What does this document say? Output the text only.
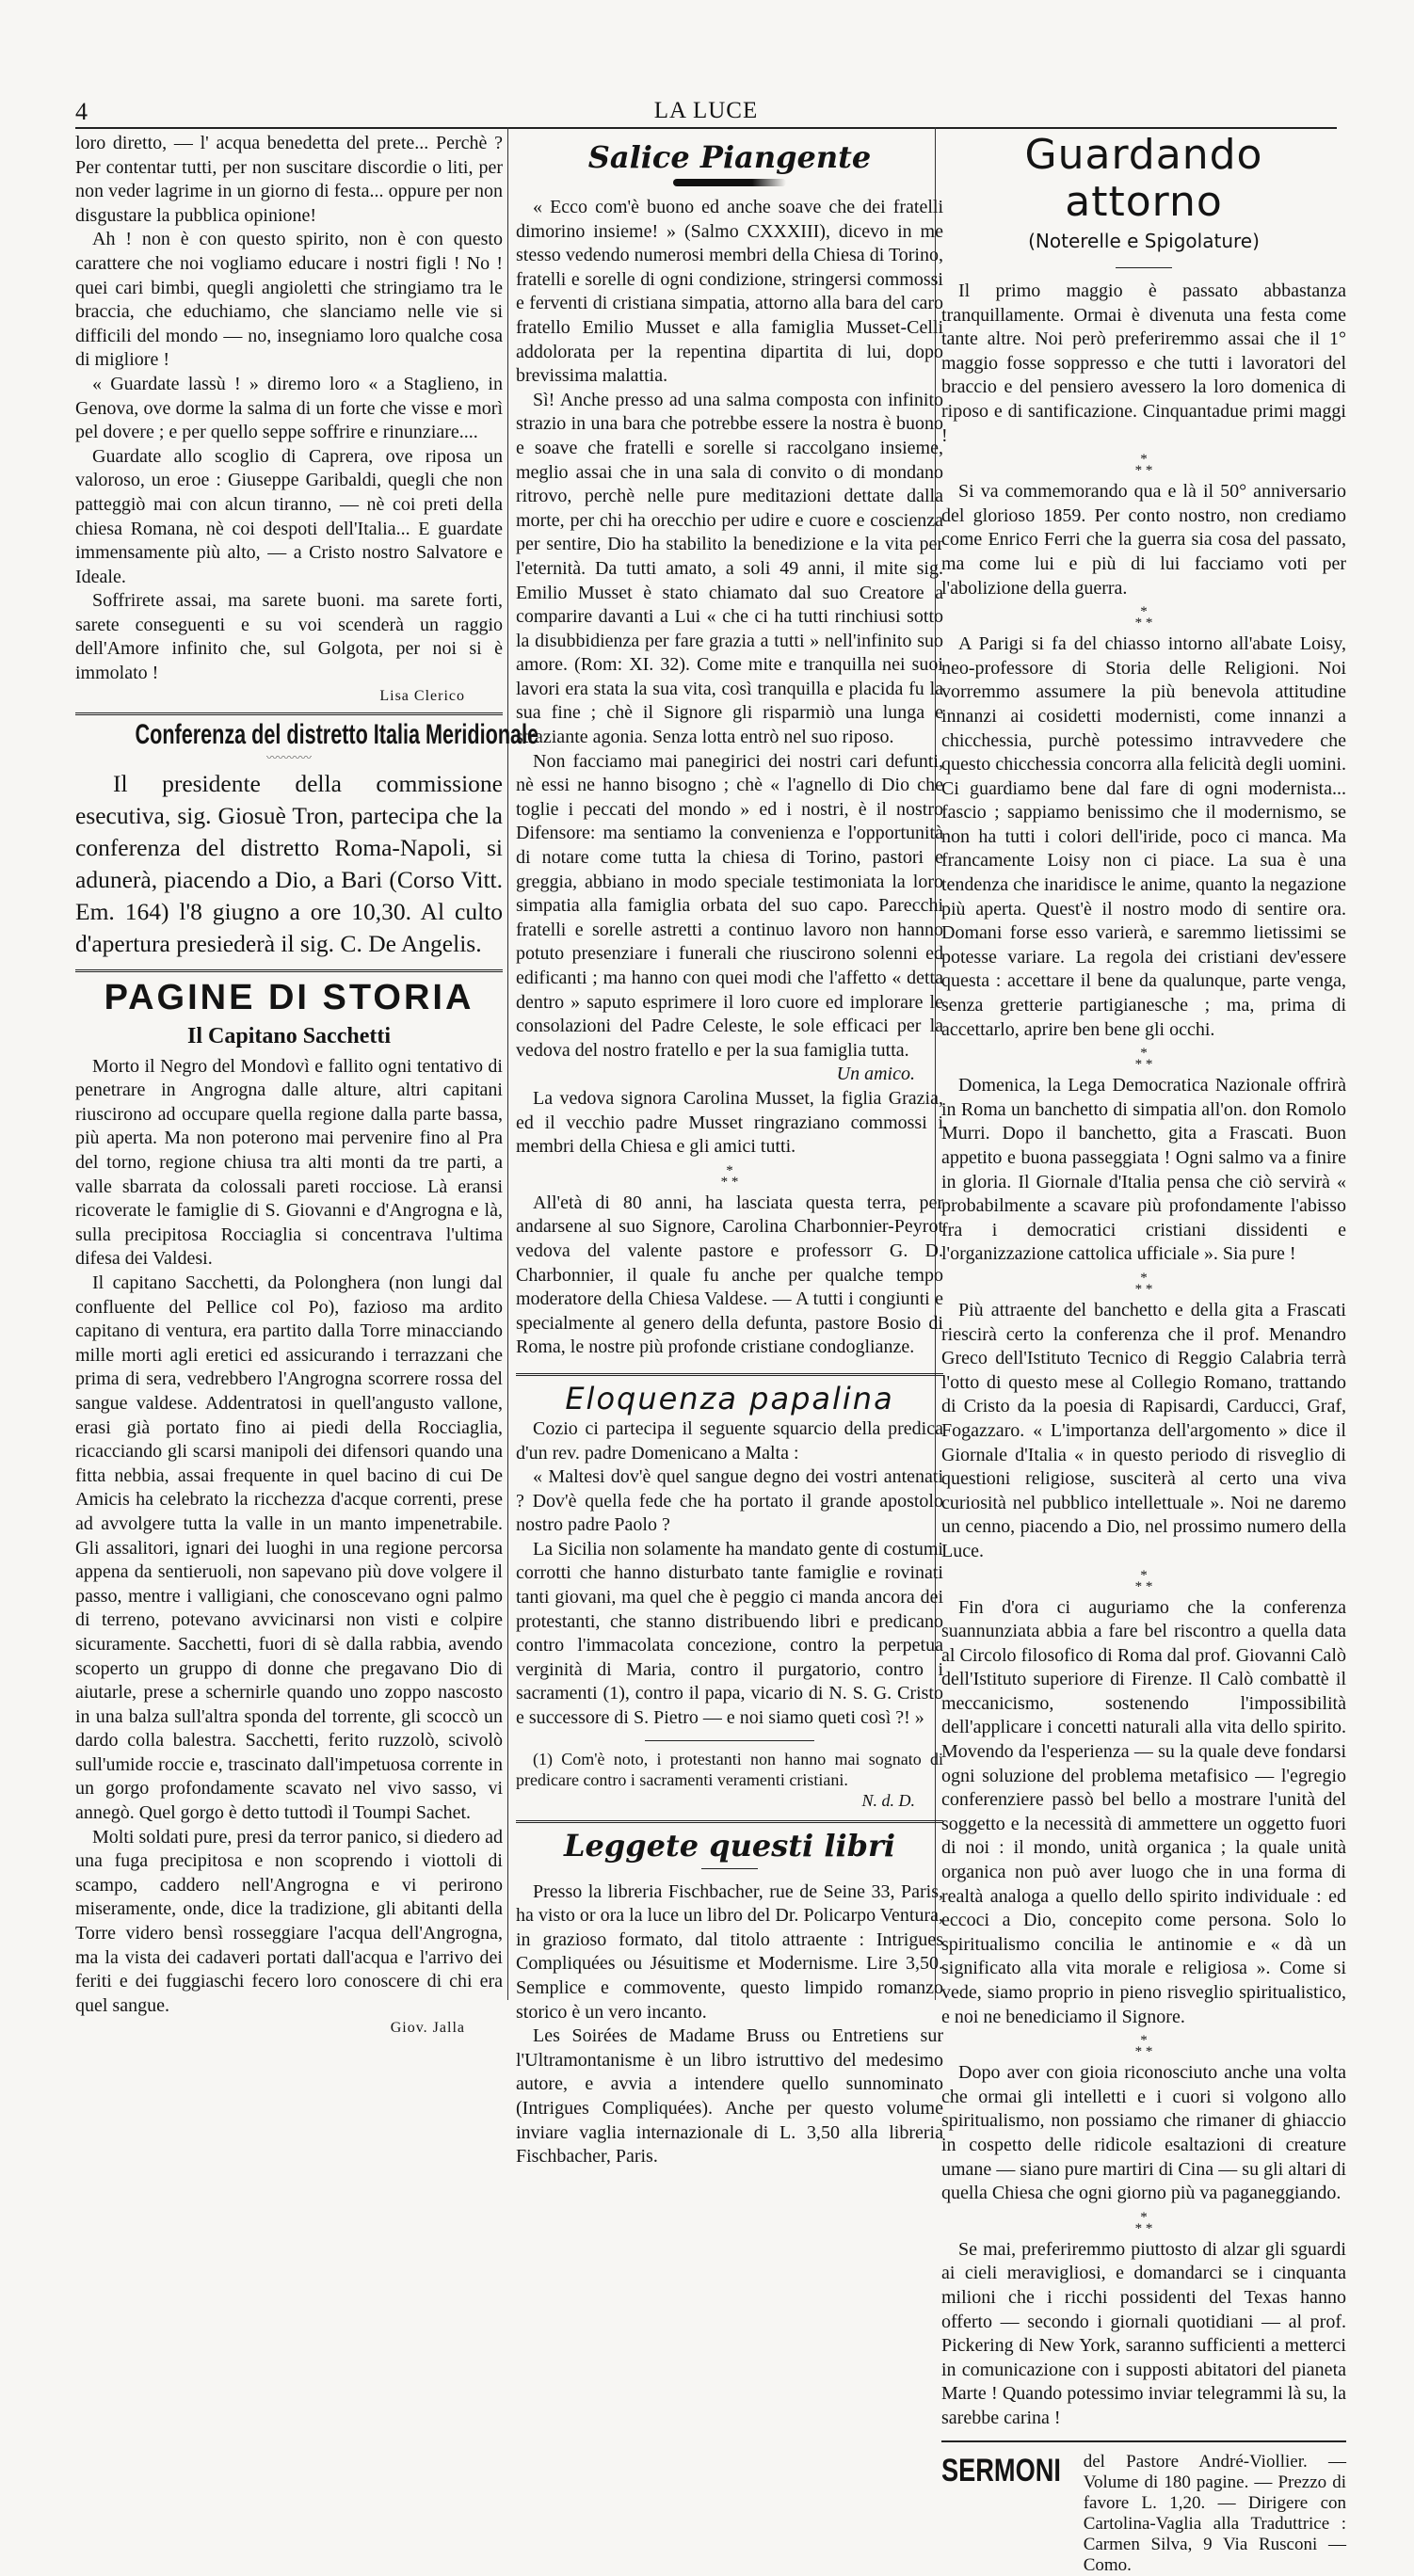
4	LA LUCE

loro diretto, — l' acqua benedetta del prete... Perchè ? Per contentar tutti, per non suscitare discordie o liti, per non veder lagrime in un giorno di festa... oppure per non disgustare la pubblica opinione!

Ah ! non è con questo spirito, non è con questo carattere che noi vogliamo educare i nostri figli ! No ! quei cari bimbi, quegli angioletti che stringiamo tra le braccia, che educhiamo, che slanciamo nelle vie si difficili del mondo — no, insegniamo loro qualche cosa di migliore !

« Guardate lassù ! » diremo loro « a Staglieno, in Genova, ove dorme la salma di un forte che visse e morì pel dovere ; e per quello seppe soffrire e rinunziare....

Guardate allo scoglio di Caprera, ove riposa un valoroso, un eroe : Giuseppe Garibaldi, quegli che non patteggiò mai con alcun tiranno, — nè coi preti della chiesa Romana, nè coi despoti dell'Italia... E guardate immensamente più alto, — a Cristo nostro Salvatore e Ideale.

Soffrirete assai, ma sarete buoni. ma sarete forti, sarete conseguenti e su voi scenderà un raggio dell'Amore infinito che, sul Golgota, per noi si è immolato !

Lisa Clerico
Conferenza del distretto Italia Meridionale
〰〰〰〰

Il presidente della commissione esecutiva, sig. Giosuè Tron, partecipa che la conferenza del distretto Roma-Napoli, si adunerà, piacendo a Dio, a Bari (Corso Vitt. Em. 164) l'8 giugno a ore 10,30. Al culto d'apertura presiederà il sig. C. De Angelis.

PAGINE DI STORIA
Il Capitano Sacchetti

Morto il Negro del Mondovì e fallito ogni tentativo di penetrare in Angrogna dalle alture, altri capitani riuscirono ad occupare quella regione dalla parte bassa, più aperta. Ma non poterono mai pervenire fino al Pra del torno, regione chiusa tra alti monti da tre parti, a valle sbarrata da colossali pareti rocciose. Là eransi ricoverate le famiglie di S. Giovanni e d'Angrogna e là, sulla precipitosa Rocciaglia si concentrava l'ultima difesa dei Valdesi.

Il capitano Sacchetti, da Polonghera (non lungi dal confluente del Pellice col Po), fazioso ma ardito capitano di ventura, era partito dalla Torre minacciando mille morti agli eretici ed assicurando i terrazzani che prima di sera, vedrebbero l'Angrogna scorrere rossa del sangue valdese. Addentratosi in quell'angusto vallone, erasi già portato fino ai piedi della Rocciaglia, ricacciando gli scarsi manipoli dei difensori quando una fitta nebbia, assai frequente in quel bacino di cui De Amicis ha celebrato la ricchezza d'acque correnti, prese ad avvolgere tutta la valle in un manto impenetrabile. Gli assalitori, ignari dei luoghi in una regione percorsa appena da sentieruoli, non sapevano più dove volgere il passo, mentre i valligiani, che conoscevano ogni palmo di terreno, potevano avvicinarsi non visti e colpire sicuramente. Sacchetti, fuori di sè dalla rabbia, avendo scoperto un gruppo di donne che pregavano Dio di aiutarle, prese a schernirle quando uno zoppo nascosto in una balza sull'altra sponda del torrente, gli scoccò un dardo colla balestra. Sacchetti, ferito ruzzolò, scivolò sull'umide roccie e, trascinato dall'impetuosa corrente in un gorgo profondamente scavato nel vivo sasso, vi annegò. Quel gorgo è detto tuttodì il Toumpi Sachet.

Molti soldati pure, presi da terror panico, si diedero ad una fuga precipitosa e non scoprendo i viottoli di scampo, caddero nell'Angrogna e vi perirono miseramente, onde, dice la tradizione, gli abitanti della Torre videro bensì rosseggiare l'acqua dell'Angrogna, ma la vista dei cadaveri portati dall'acqua e l'arrivo dei feriti e dei fuggiaschi fecero loro conoscere di chi era quel sangue.

Giov. Jalla
Salice Piangente

« Ecco com'è buono ed anche soave che dei fratelli dimorino insieme! » (Salmo CXXXIII), dicevo in me stesso vedendo numerosi membri della Chiesa di Torino, fratelli e sorelle di ogni condizione, stringersi commossi e ferventi di cristiana simpatia, attorno alla bara del caro fratello Emilio Musset e alla famiglia Musset-Celli addolorata per la repentina dipartita di lui, dopo brevissima malattia.

Sì! Anche presso ad una salma composta con infinito strazio in una bara che potrebbe essere la nostra è buono e soave che fratelli e sorelle si raccolgano insieme, meglio assai che in una sala di convito o di mondano ritrovo, perchè nelle pure meditazioni dettate dalla morte, per chi ha orecchio per udire e cuore e coscienza per sentire, Dio ha stabilito la benedizione e la vita per l'eternità. Da tutti amato, a soli 49 anni, il mite sig. Emilio Musset è stato chiamato dal suo Creatore a comparire davanti a Lui « che ci ha tutti rinchiusi sotto la disubbidienza per fare grazia a tutti » nell'infinito suo amore. (Rom: XI. 32). Come mite e tranquilla nei suoi lavori era stata la sua vita, così tranquilla e placida fu la sua fine ; chè il Signore gli risparmiò una lunga e straziante agonia. Senza lotta entrò nel suo riposo.

Non facciamo mai panegirici dei nostri cari defunti, nè essi ne hanno bisogno ; chè « l'agnello di Dio che toglie i peccati del mondo » ed i nostri, è il nostro Difensore: ma sentiamo la convenienza e l'opportunità di notare come tutta la chiesa di Torino, pastori e greggia, abbiano in modo speciale testimoniata la loro simpatia alla famiglia orbata del suo capo. Parecchi fratelli e sorelle astretti a continuo lavoro non hanno potuto presenziare i funerali che riuscirono solenni ed edificanti ; ma hanno con quei modi che l'affetto « detta dentro » saputo esprimere il loro cuore ed implorare le consolazioni del Padre Celeste, le sole efficaci per la vedova del nostro fratello e per la sua famiglia tutta.

Un amico.

La vedova signora Carolina Musset, la figlia Grazia, ed il vecchio padre Musset ringraziano commossi i membri della Chiesa e gli amici tutti.

*
* *

All'età di 80 anni, ha lasciata questa terra, per andarsene al suo Signore, Carolina Charbonnier-Peyrot vedova del valente pastore e professorr G. D. Charbonnier, il quale fu anche per qualche tempo moderatore della Chiesa Valdese. — A tutti i congiunti e specialmente al genero della defunta, pastore Bosio di Roma, le nostre più profonde cristiane condoglianze.

Eloquenza papalina

Cozio ci partecipa il seguente squarcio della predica d'un rev. padre Domenicano a Malta :

« Maltesi dov'è quel sangue degno dei vostri antenati ? Dov'è quella fede che ha portato il grande apostolo nostro padre Paolo ?

La Sicilia non solamente ha mandato gente di costumi corrotti che hanno disturbato tante famiglie e rovinati tanti giovani, ma quel che è peggio ci manda ancora dei protestanti, che stanno distribuendo libri e predicano contro l'immacolata concezione, contro la perpetua verginità di Maria, contro il purgatorio, contro i sacramenti (1), contro il papa, vicario di N. S. G. Cristo e successore di S. Pietro — e noi siamo queti così ?! »

(1) Com'è noto, i protestanti non hanno mai sognato di predicare contro i sacramenti veramenti cristiani.

N. d. D.
Leggete questi libri

Presso la libreria Fischbacher, rue de Seine 33, Paris, ha visto or ora la luce un libro del Dr. Policarpo Ventura, in grazioso formato, dal titolo attraente : Intrigues Compliquées ou Jésuitisme et Modernisme. Lire 3,50. Semplice e commovente, questo limpido romanzo storico è un vero incanto.

Les Soirées de Madame Bruss ou Entretiens sur l'Ultramontanisme è un libro istruttivo del medesimo autore, e avvia a intendere quello sunnominato (Intrigues Compliquées). Anche per questo volume inviare vaglia internazionale di L. 3,50 alla libreria Fischbacher, Paris.

Guardando attorno
(Noterelle e Spigolature)

Il primo maggio è passato abbastanza tranquillamente. Ormai è divenuta una festa come tante altre. Noi però preferiremmo assai che il 1° maggio fosse soppresso e che tutti i lavoratori del braccio e del pensiero avessero la loro domenica di riposo e di santificazione. Cinquantadue primi maggi !

*
* *

Si va commemorando qua e là il 50° anniversario del glorioso 1859. Per conto nostro, non crediamo come Enrico Ferri che la guerra sia cosa del passato, ma come lui e più di lui facciamo voti per l'abolizione della guerra.

*
* *

A Parigi si fa del chiasso intorno all'abate Loisy, neo-professore di Storia delle Religioni. Noi vorremmo assumere la più benevola attitudine innanzi ai cosidetti modernisti, come innanzi a chicchessia, purchè potessimo intravvedere che questo chicchessia concorra alla felicità degli uomini. Ci guardiamo bene dal fare di ogni modernista... fascio ; sappiamo benissimo che il modernismo, se non ha tutti i colori dell'iride, poco ci manca. Ma francamente Loisy non ci piace. La sua è una tendenza che inaridisce le anime, quanto la negazione più aperta. Quest'è il nostro modo di sentire ora. Domani forse esso varierà, e saremmo lietissimi se potesse variare. La regola dei cristiani dev'essere questa : accettare il bene da qualunque, parte venga, senza gretterie partigianesche ; ma, prima di accettarlo, aprire ben bene gli occhi.

*
* *

Domenica, la Lega Democratica Nazionale offrirà in Roma un banchetto di simpatia all'on. don Romolo Murri. Dopo il banchetto, gita a Frascati. Buon appetito e buona passeggiata ! Ogni salmo va a finire in gloria. Il Giornale d'Italia pensa che ciò servirà « probabilmente a scavare più profondamente l'abisso fra i democratici cristiani dissidenti e l'organizzazione cattolica ufficiale ». Sia pure !

*
* *

Più attraente del banchetto e della gita a Frascati riescirà certo la conferenza che il prof. Menandro Greco dell'Istituto Tecnico di Reggio Calabria terrà l'otto di questo mese al Collegio Romano, trattando di Cristo da la poesia di Rapisardi, Carducci, Graf, Fogazzaro. « L'importanza dell'argomento » dice il Giornale d'Italia « in questo periodo di risveglio di questioni religiose, susciterà al certo una viva curiosità nel pubblico intellettuale ». Noi ne daremo un cenno, piacendo a Dio, nel prossimo numero della Luce.

*
* *

Fin d'ora ci auguriamo che la conferenza suannunziata abbia a fare bel riscontro a quella data al Circolo filosofico di Roma dal prof. Giovanni Calò dell'Istituto superiore di Firenze. Il Calò combattè il meccanicismo, sostenendo l'impossibilità dell'applicare i concetti naturali alla vita dello spirito. Movendo da l'esperienza — su la quale deve fondarsi ogni soluzione del problema metafisico — l'egregio conferenziere passò bel bello a mostrare l'unità del soggetto e la necessità di ammettere un oggetto fuori di noi : il mondo, unità organica ; la quale unità organica non può aver luogo che in una forma di realtà analoga a quello dello spirito individuale : ed eccoci a Dio, concepito come persona. Solo lo spiritualismo concilia le antinomie e « dà un significato alla vita morale e religiosa ». Come si vede, siamo proprio in pieno risveglio spiritualistico, e noi ne benediciamo il Signore.

*
* *

Dopo aver con gioia riconosciuto anche una volta che ormai gli intelletti e i cuori si volgono allo spiritualismo, non possiamo che rimaner di ghiaccio in cospetto delle ridicole esaltazioni di creature umane — siano pure martiri di Cina — su gli altari di quella Chiesa che ogni giorno più va paganeggiando.

*
* *

Se mai, preferiremmo piuttosto di alzar gli sguardi ai cieli meravigliosi, e domandarci se i cinquanta milioni che i ricchi possidenti del Texas hanno offerto — secondo i giornali quotidiani — al prof. Pickering di New York, saranno sufficienti a metterci in comunicazione con i supposti abitatori del pianeta Marte ! Quando potessimo inviar telegrammi là su, la sarebbe carina !

SERMONI del Pastore André-Viollier. — Volume di 180 pagine. — Prezzo di favore L. 1,20. — Dirigere con Cartolina-Vaglia alla Traduttrice : Carmen Silva, 9 Via Rusconi — Como.
